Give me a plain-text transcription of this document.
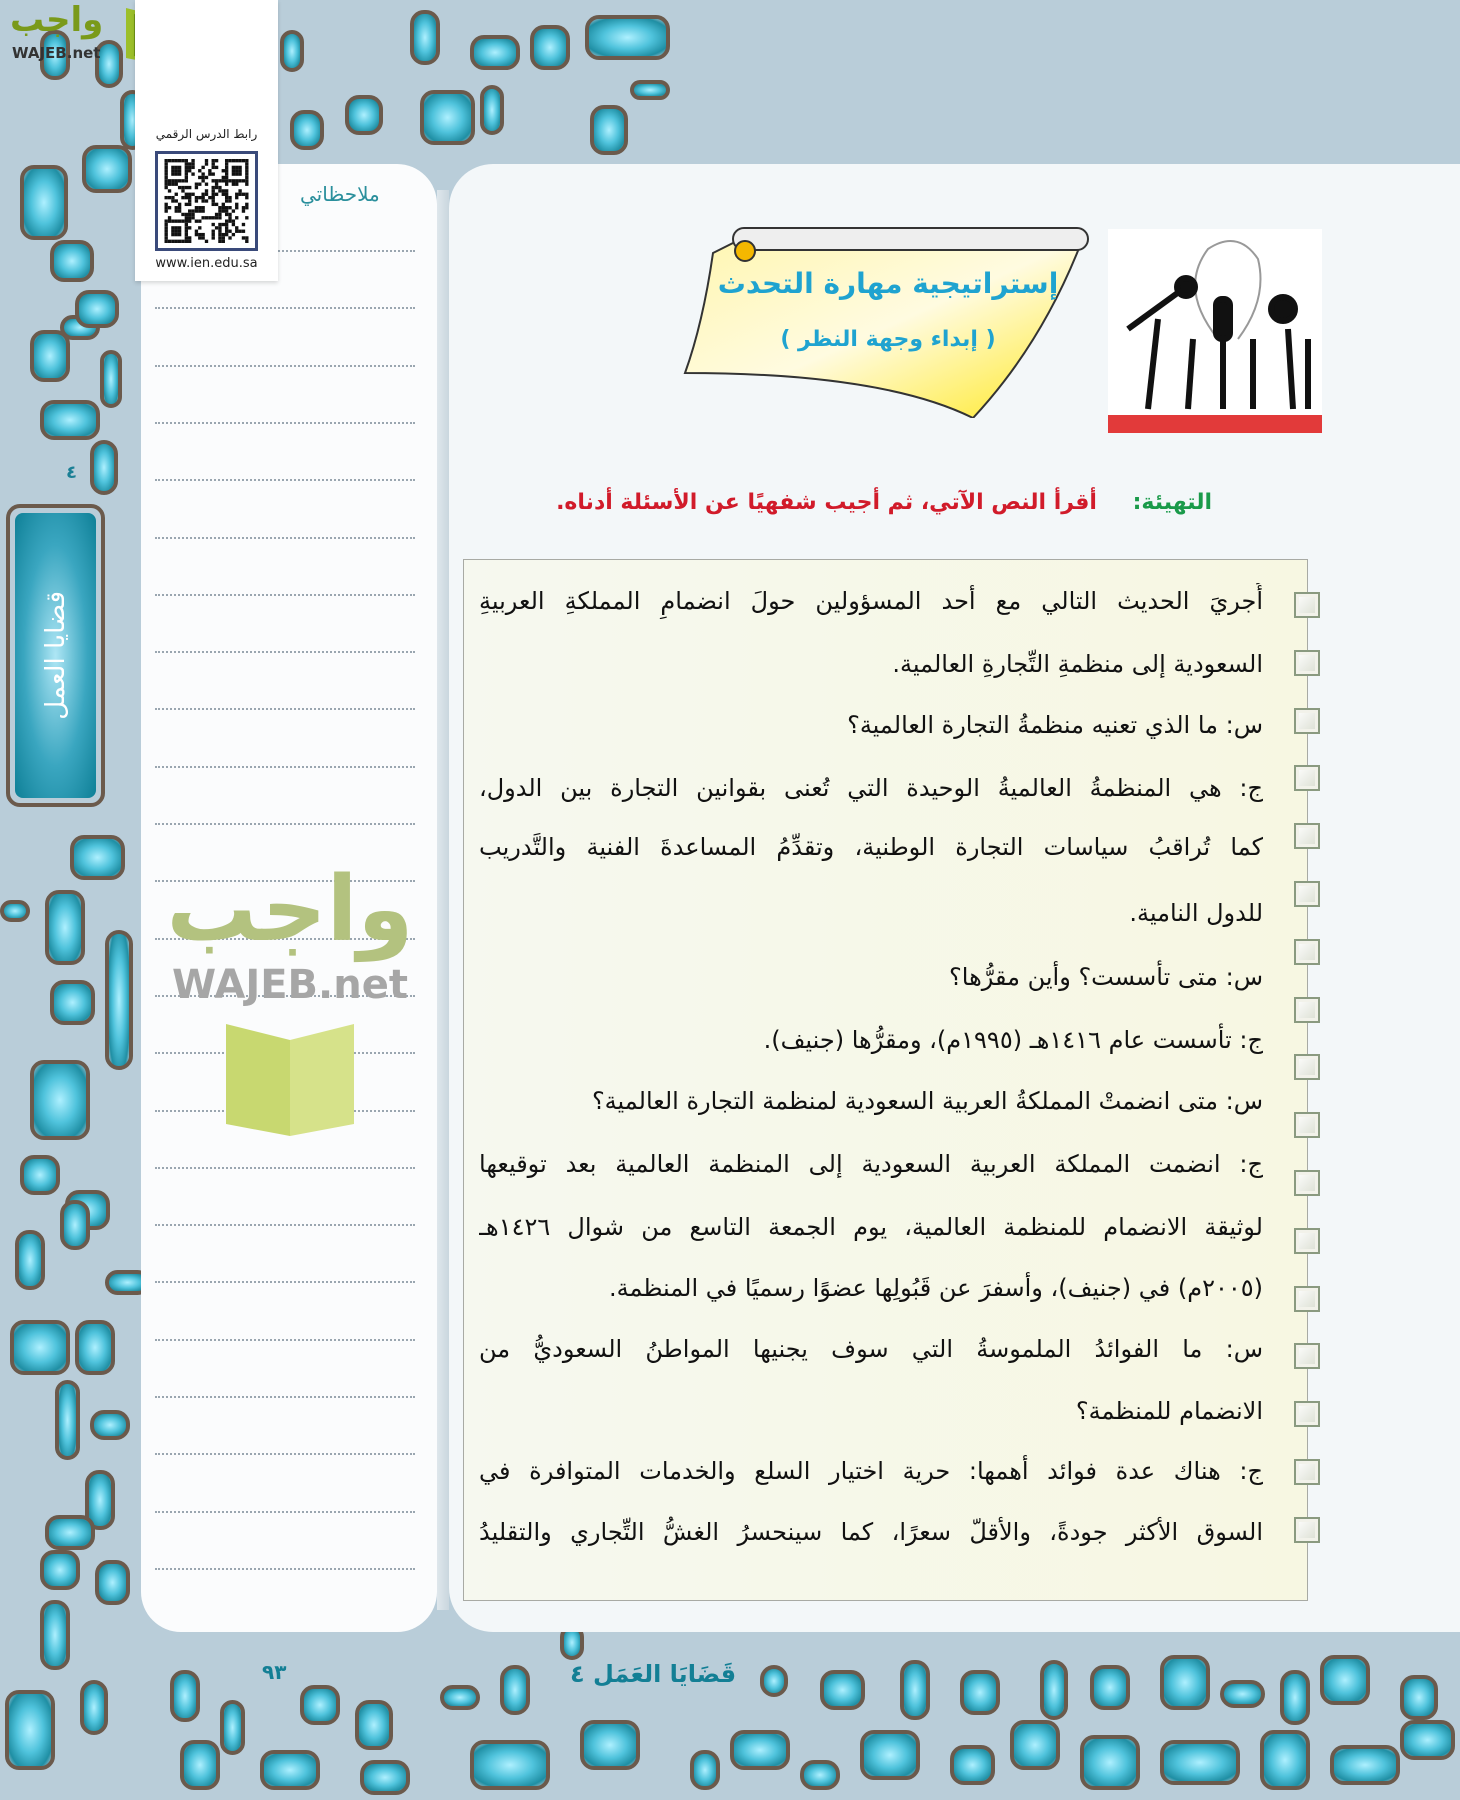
واجب
WAJEB.net
ملاحظاتي
رابط الدرس الرقمي
www.ien.edu.sa
إستراتيجية مهارة التحدث
( إبداء وجهة النظر )
التهيئة: أقرأ النص الآتي، ثم أجيب شفهيًا عن الأسئلة أدناه.
أُجريَ الحديث التالي مع أحد المسؤولين حولَ انضمامِ المملكةِ العربيةِ
السعودية إلى منظمةِ التِّجارةِ العالمية.
س: ما الذي تعنيه منظمةُ التجارة العالمية؟
ج: هي المنظمةُ العالميةُ الوحيدة التي تُعنى بقوانين التجارة بين الدول،
كما تُراقبُ سياسات التجارة الوطنية، وتقدِّمُ المساعدةَ الفنية والتَّدريب
للدول النامية.
س: متى تأسست؟ وأين مقرُّها؟
ج: تأسست عام ١٤١٦هـ (١٩٩٥م)، ومقرُّها (جنيف).
س: متى انضمتْ المملكةُ العربية السعودية لمنظمة التجارة العالمية؟
ج: انضمت المملكة العربية السعودية إلى المنظمة العالمية بعد توقيعها
لوثيقة الانضمام للمنظمة العالمية، يوم الجمعة التاسع من شوال ١٤٢٦هـ
(٢٠٠٥م) في (جنيف)، وأسفرَ عن قَبُولِها عضوًا رسميًا في المنظمة.
س: ما الفوائدُ الملموسةُ التي سوف يجنيها المواطنُ السعوديُّ من
الانضمام للمنظمة؟
ج: هناك عدة فوائد أهمها: حرية اختيار السلع والخدمات المتوافرة في
السوق الأكثر جودةً، والأقلّ سعرًا، كما سينحسرُ الغشُّ التِّجاري والتقليدُ
واجب
WAJEB.net
٤
قضايا العمل
قَضَايَا العَمَل ٤
٩٣
